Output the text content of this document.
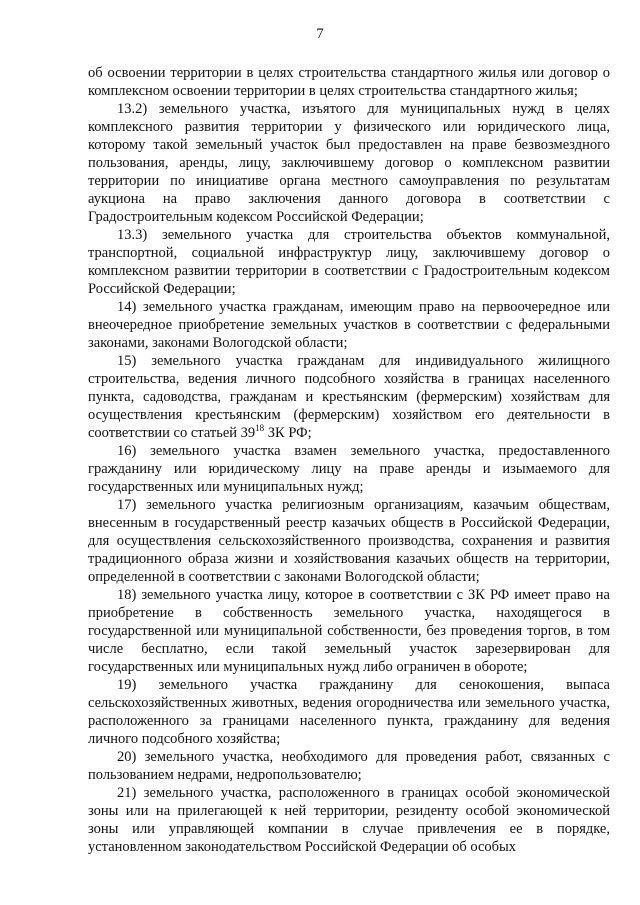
7

об освоении территории в целях строительства стандартного жилья или договор о комплексном освоении территории в целях строительства стандартного жилья;

13.2) земельного участка, изъятого для муниципальных нужд в целях комплексного развития территории у физического или юридического лица, которому такой земельный участок был предоставлен на праве безвозмездного пользования, аренды, лицу, заключившему договор о комплексном развитии территории по инициативе органа местного самоуправления по результатам аукциона на право заключения данного договора в соответствии с Градостроительным кодексом Российской Федерации;

13.3) земельного участка для строительства объектов коммунальной, транспортной, социальной инфраструктур лицу, заключившему договор о комплексном развитии территории в соответствии с Градостроительным кодексом Российской Федерации;

14) земельного участка гражданам, имеющим право на первоочередное или внеочередное приобретение земельных участков в соответствии с федеральными законами, законами Вологодской области;

15) земельного участка гражданам для индивидуального жилищного строительства, ведения личного подсобного хозяйства в границах населенного пункта, садоводства, гражданам и крестьянским (фермерским) хозяйствам для осуществления крестьянским (фермерским) хозяйством его деятельности в соответствии со статьей $39^{18}$ ЗК РФ;

16) земельного участка взамен земельного участка, предоставленного гражданину или юридическому лицу на праве аренды и изымаемого для государственных или муниципальных нужд;

17) земельного участка религиозным организациям, казачьим обществам, внесенным в государственный реестр казачьих обществ в Российской Федерации, для осуществления сельскохозяйственного производства, сохранения и развития традиционного образа жизни и хозяйствования казачьих обществ на территории, определенной в соответствии с законами Вологодской области;

18) земельного участка лицу, которое в соответствии с ЗК РФ имеет право на приобретение в собственность земельного участка, находящегося в государственной или муниципальной собственности, без проведения торгов, в том числе бесплатно, если такой земельный участок зарезервирован для государственных или муниципальных нужд либо ограничен в обороте;

19) земельного участка гражданину для сенокошения, выпаса сельскохозяйственных животных, ведения огородничества или земельного участка, расположенного за границами населенного пункта, гражданину для ведения личного подсобного хозяйства;

20) земельного участка, необходимого для проведения работ, связанных с пользованием недрами, недропользователю;

21) земельного участка, расположенного в границах особой экономической зоны или на прилегающей к ней территории, резиденту особой экономической зоны или управляющей компании в случае привлечения ее в порядке, установленном законодательством Российской Федерации об особых
